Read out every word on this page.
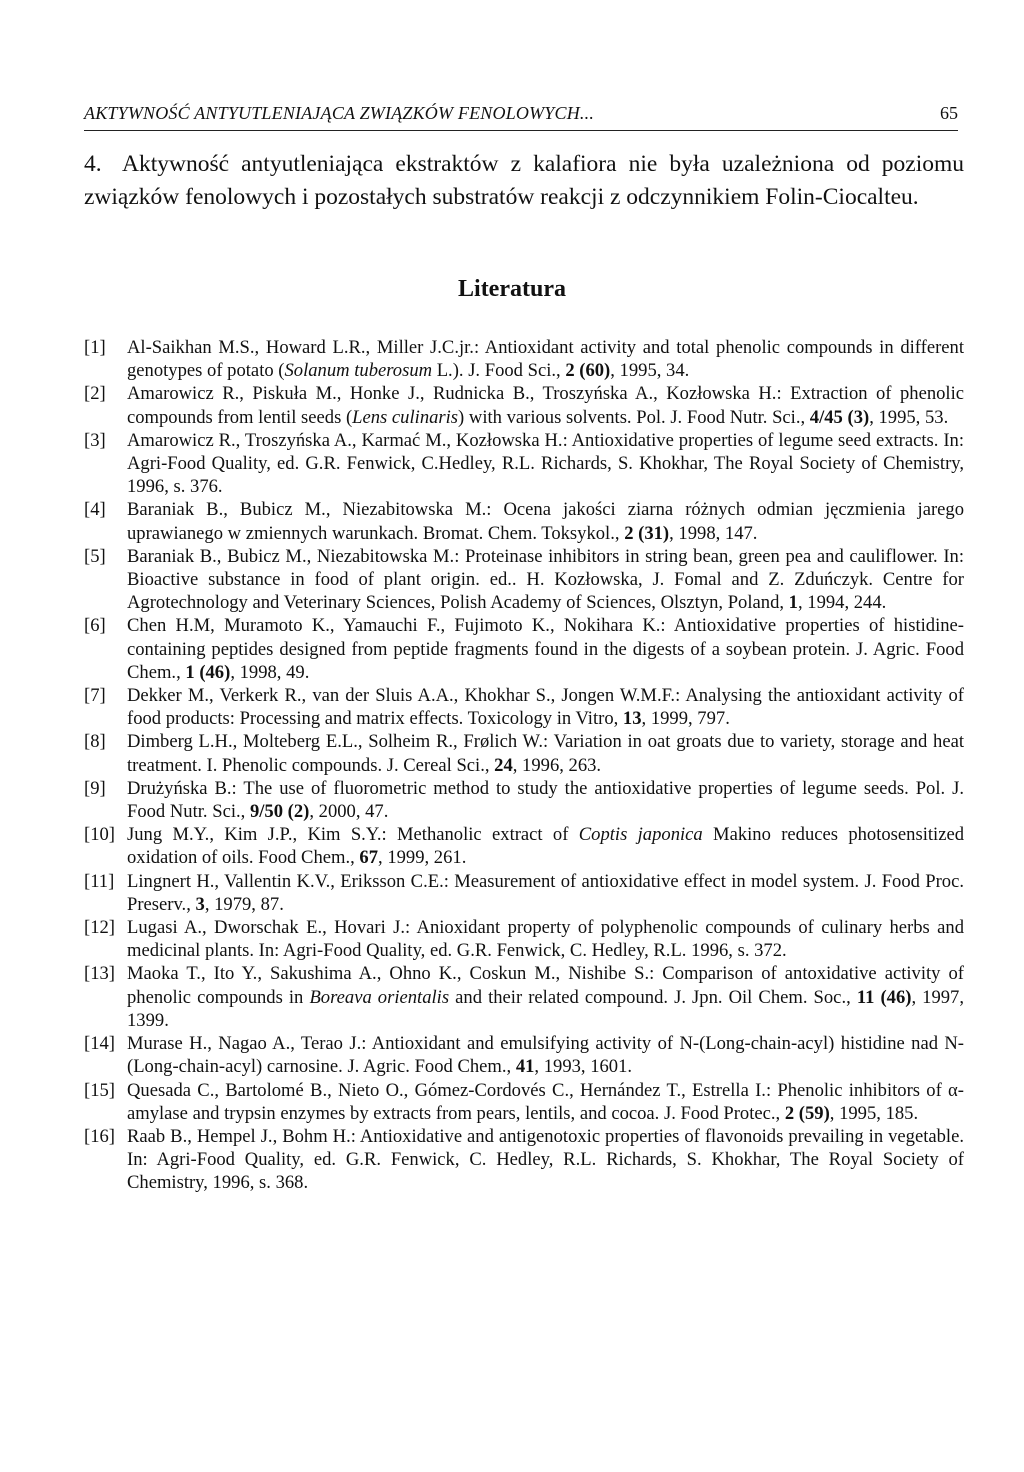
AKTYWNOŚĆ ANTYUTLENIAJĄCA ZWIĄZKÓW FENOLOWYCH...	65
4. Aktywność antyutleniająca ekstraktów z kalafiora nie była uzależniona od poziomu związków fenolowych i pozostałych substratów reakcji z odczynnikiem Folin-Ciocalteu.
Literatura
[1]	Al-Saikhan M.S., Howard L.R., Miller J.C.jr.: Antioxidant activity and total phenolic compounds in different genotypes of potato (Solanum tuberosum L.). J. Food Sci., 2 (60), 1995, 34.
[2]	Amarowicz R., Piskuła M., Honke J., Rudnicka B., Troszyńska A., Kozłowska H.: Extraction of phenolic compounds from lentil seeds (Lens culinaris) with various solvents. Pol. J. Food Nutr. Sci., 4/45 (3), 1995, 53.
[3]	Amarowicz R., Troszyńska A., Karmać M., Kozłowska H.: Antioxidative properties of legume seed extracts. In: Agri-Food Quality, ed. G.R. Fenwick, C.Hedley, R.L. Richards, S. Khokhar, The Royal Society of Chemistry, 1996, s. 376.
[4]	Baraniak B., Bubicz M., Niezabitowska M.: Ocena jakości ziarna różnych odmian jęczmienia jarego uprawianego w zmiennych warunkach. Bromat. Chem. Toksykol., 2 (31), 1998, 147.
[5]	Baraniak B., Bubicz M., Niezabitowska M.: Proteinase inhibitors in string bean, green pea and cauliflower. In: Bioactive substance in food of plant origin. ed.. H. Kozłowska, J. Fomal and Z. Zduńczyk. Centre for Agrotechnology and Veterinary Sciences, Polish Academy of Sciences, Olsztyn, Poland, 1, 1994, 244.
[6]	Chen H.M, Muramoto K., Yamauchi F., Fujimoto K., Nokihara K.: Antioxidative properties of histidine-containing peptides designed from peptide fragments found in the digests of a soybean protein. J. Agric. Food Chem., 1 (46), 1998, 49.
[7]	Dekker M., Verkerk R., van der Sluis A.A., Khokhar S., Jongen W.M.F.: Analysing the antioxidant activity of food products: Processing and matrix effects. Toxicology in Vitro, 13, 1999, 797.
[8]	Dimberg L.H., Molteberg E.L., Solheim R., Frølich W.: Variation in oat groats due to variety, storage and heat treatment. I. Phenolic compounds. J. Cereal Sci., 24, 1996, 263.
[9]	Drużyńska B.: The use of fluorometric method to study the antioxidative properties of legume seeds. Pol. J. Food Nutr. Sci., 9/50 (2), 2000, 47.
[10] Jung M.Y., Kim J.P., Kim S.Y.: Methanolic extract of Coptis japonica Makino reduces photosensitized oxidation of oils. Food Chem., 67, 1999, 261.
[11] Lingnert H., Vallentin K.V., Eriksson C.E.: Measurement of antioxidative effect in model system. J. Food Proc. Preserv., 3, 1979, 87.
[12] Lugasi A., Dworschak E., Hovari J.: Anioxidant property of polyphenolic compounds of culinary herbs and medicinal plants. In: Agri-Food Quality, ed. G.R. Fenwick, C. Hedley, R.L. 1996, s. 372.
[13] Maoka T., Ito Y., Sakushima A., Ohno K., Coskun M., Nishibe S.: Comparison of antoxidative activity of phenolic compounds in Boreava orientalis and their related compound. J. Jpn. Oil Chem. Soc., 11 (46), 1997, 1399.
[14] Murase H., Nagao A., Terao J.: Antioxidant and emulsifying activity of N-(Long-chain-acyl) histidine nad N-(Long-chain-acyl) carnosine. J. Agric. Food Chem., 41, 1993, 1601.
[15] Quesada C., Bartolomé B., Nieto O., Gómez-Cordovés C., Hernández T., Estrella I.: Phenolic inhibitors of α-amylase and trypsin enzymes by extracts from pears, lentils, and cocoa. J. Food Protec., 2 (59), 1995, 185.
[16] Raab B., Hempel J., Bohm H.: Antioxidative and antigenotoxic properties of flavonoids prevailing in vegetable. In: Agri-Food Quality, ed. G.R. Fenwick, C. Hedley, R.L. Richards, S. Khokhar, The Royal Society of Chemistry, 1996, s. 368.
